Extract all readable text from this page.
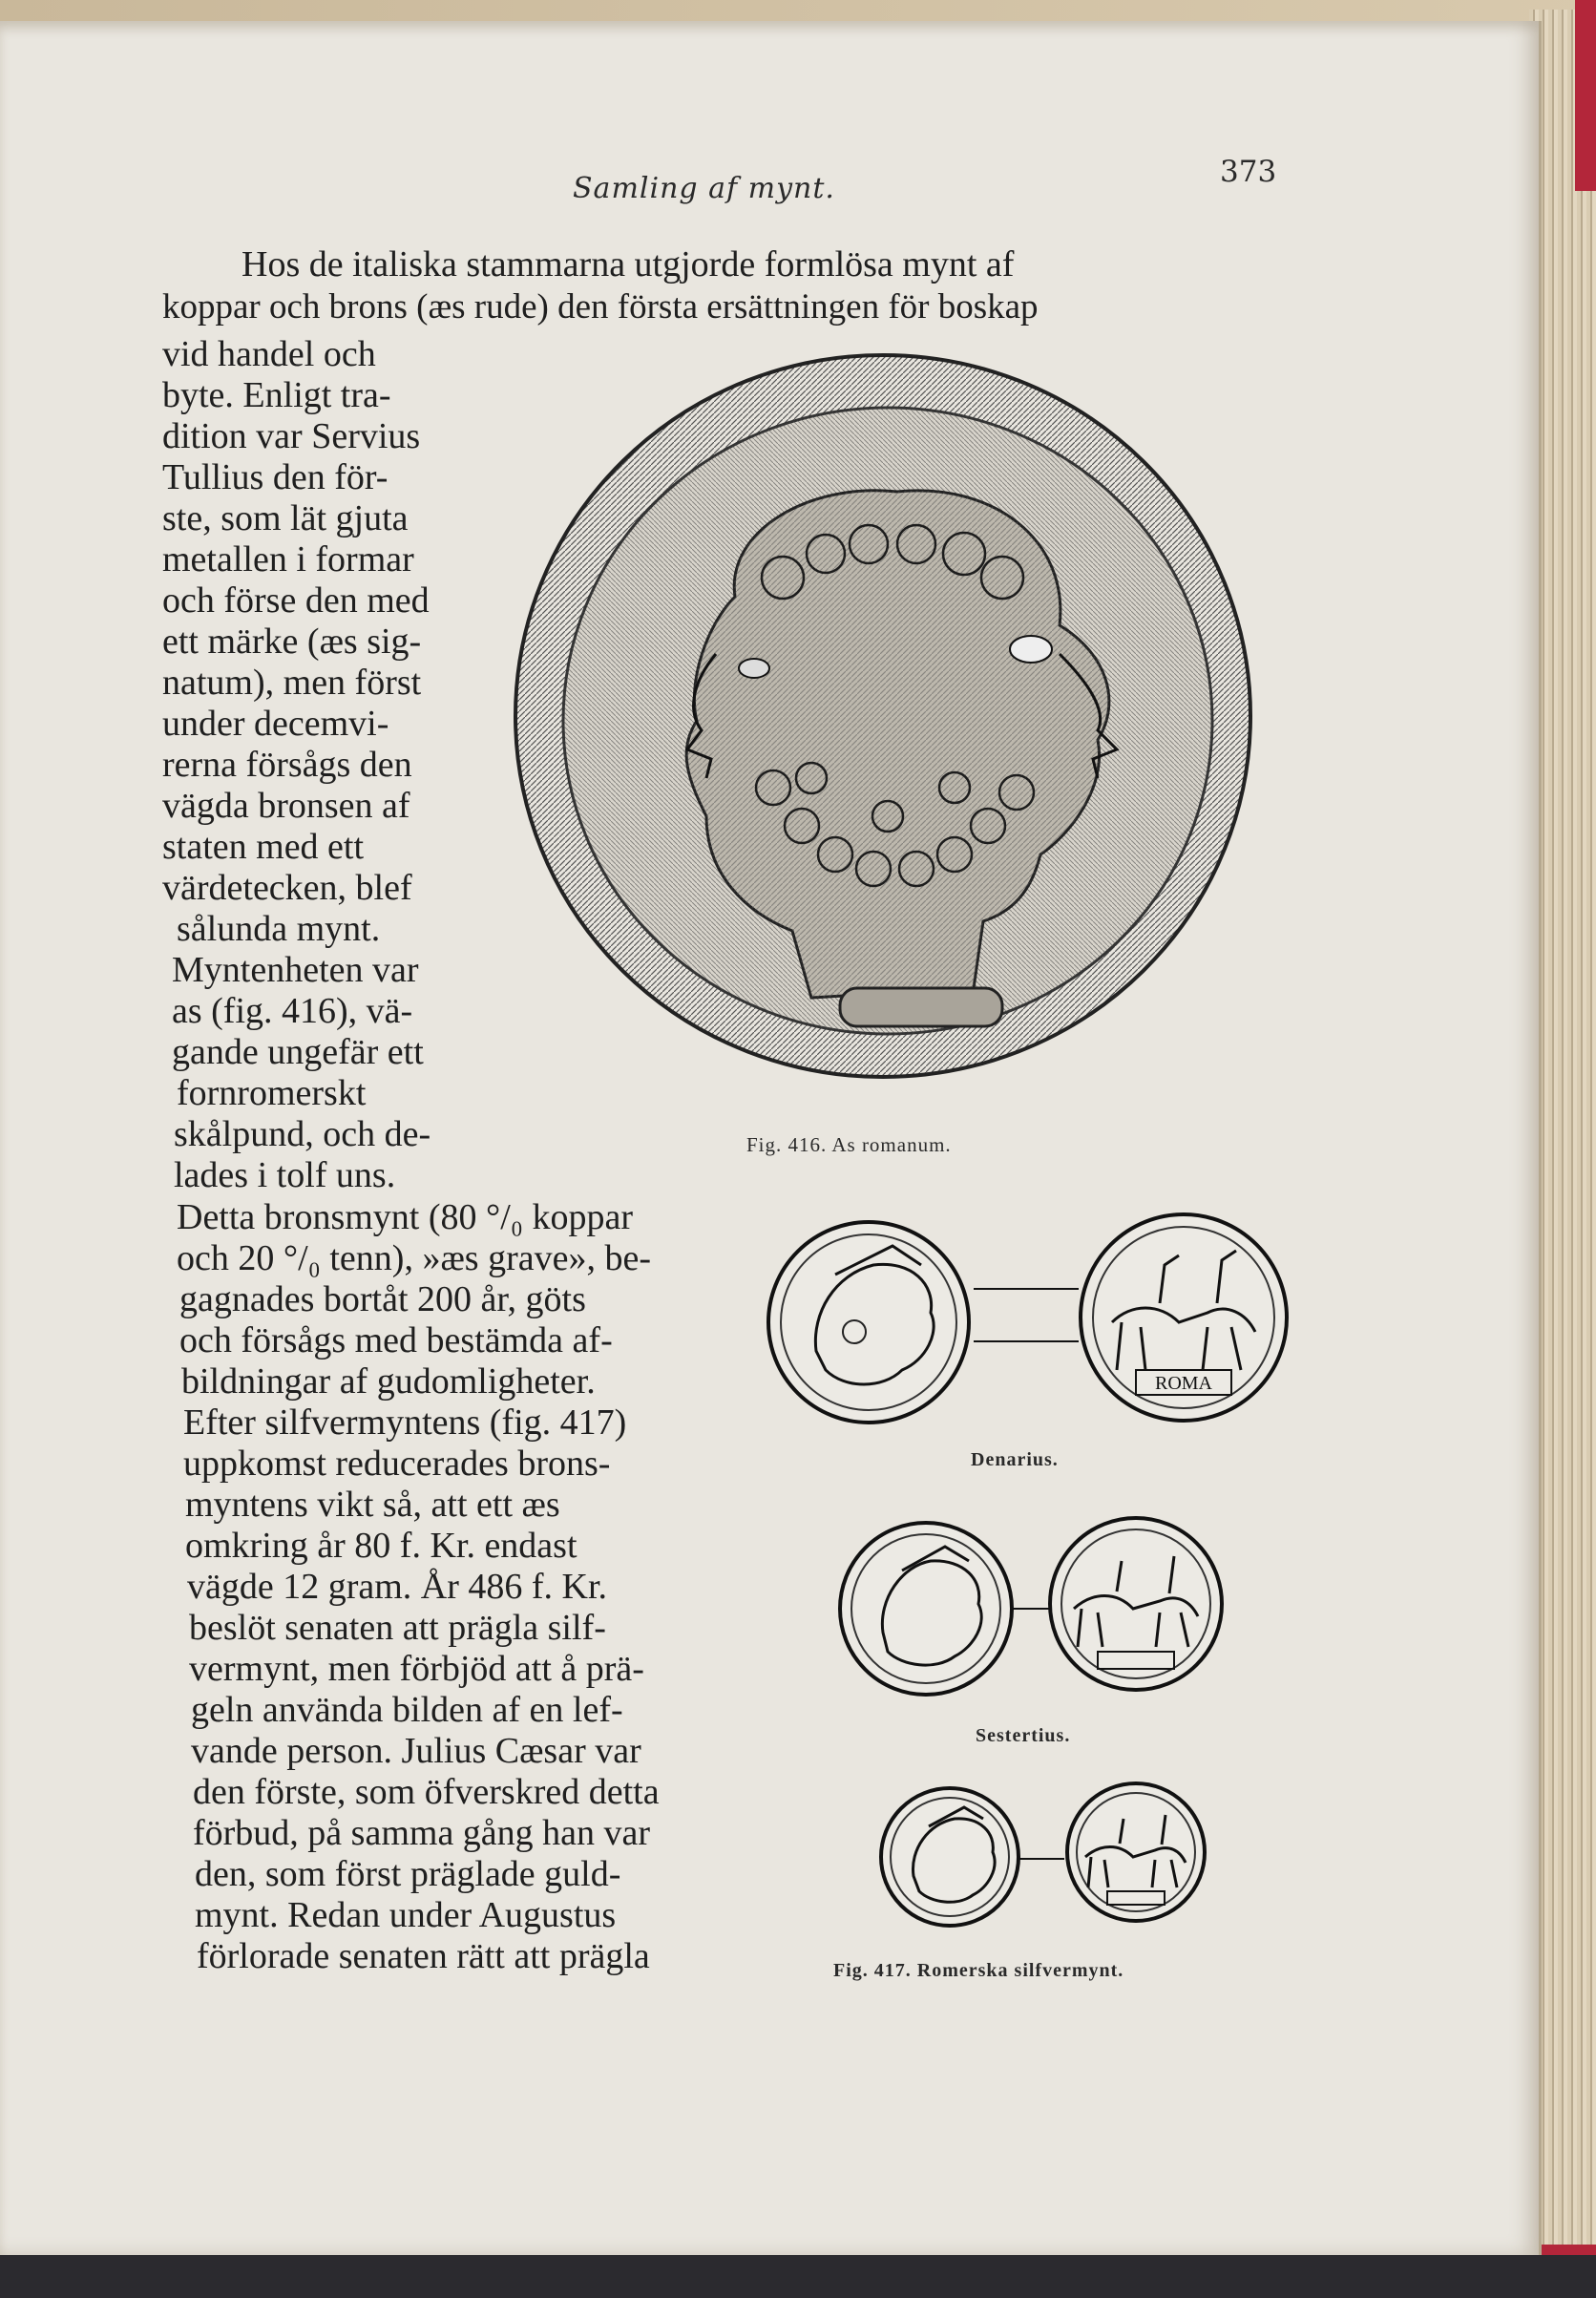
Samling af mynt.	373
Hos de italiska stammarna utgjorde formlösa mynt af
koppar och brons (æs rude) den första ersättningen för boskap
vid handel och
byte. Enligt tra-
dition var Servius
Tullius den för-
ste, som lät gjuta
metallen i formar
och förse den med
ett märke (æs sig-
natum), men först
under decemvi-
rerna försågs den
vägda bronsen af
staten med ett
värdetecken, blef
sålunda mynt.
Myntenheten var
as (fig. 416), vä-
gande ungefär ett
fornromerskt
skålpund, och de-
lades i tolf uns.
Detta bronsmynt (80 °/₀ koppar
och 20 °/₀ tenn), »æs grave», be-
gagnades bortåt 200 år, göts
och försågs med bestämda af-
bildningar af gudomligheter.
Efter silfvermyntens (fig. 417)
uppkomst reducerades brons-
myntens vikt så, att ett æs
omkring år 80 f. Kr. endast
vägde 12 gram. År 486 f. Kr.
beslöt senaten att prägla silf-
vermynt, men förbjöd att å prä-
geln använda bilden af en lef-
vande person. Julius Cæsar var
den förste, som öfverskred detta
förbud, på samma gång han var
den, som först präglade guld-
mynt. Redan under Augustus
förlorade senaten rätt att prägla
Fig. 416. As romanum.
ROMA
Denarius.
Sestertius.
Fig. 417. Romerska silfvermynt.
